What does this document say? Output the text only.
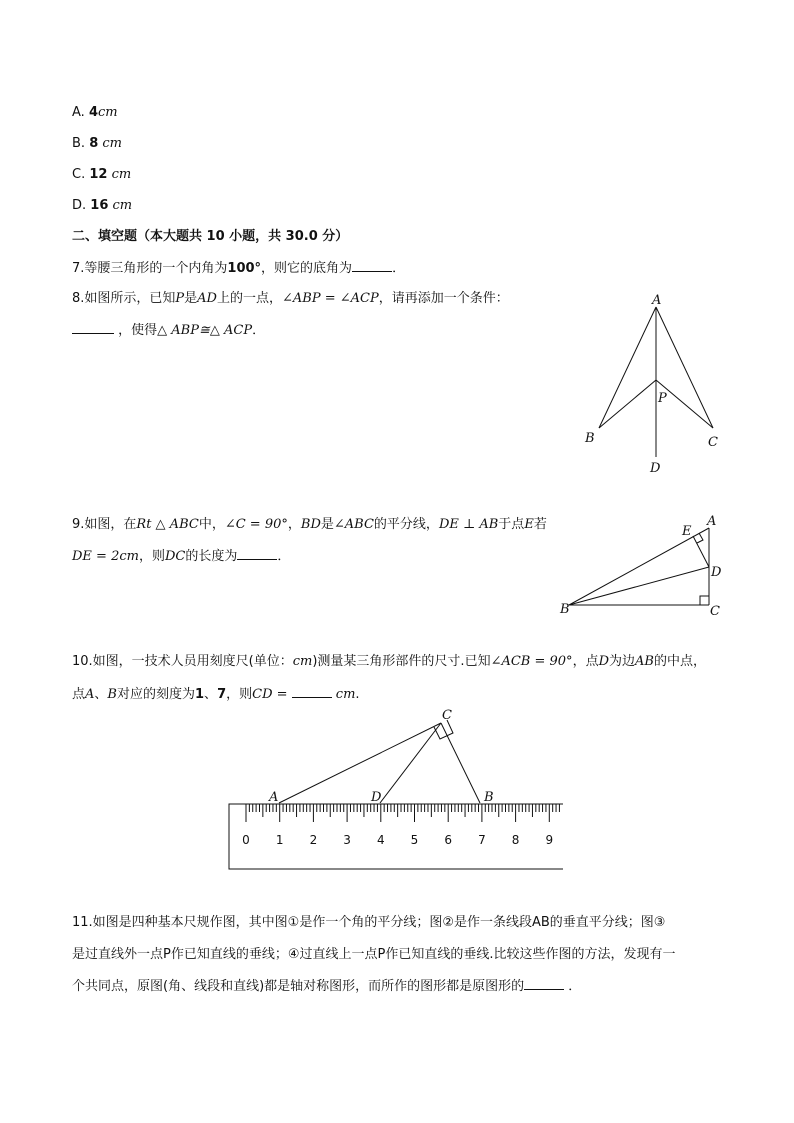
A. 4cm
B. 8 cm
C. 12 cm
D. 16 cm
二、填空题（本大题共 10 小题，共 30.0 分）
7.等腰三角形的一个内角为100°，则它的底角为	．
8.如图所示，已知P是AD上的一点，∠ABP = ∠ACP，请再添加一个条件：
，使得△ ABP≅△ ACP．
A
P
B	C
D
9.如图，在Rt △ ABC中，∠C = 90°，BD是∠ABC的平分线，DE ⊥ AB于点E若
DE = 2cm，则DC的长度为	．
E
A
D
B	C
10.如图，一技术人员用刻度尺(单位：cm)测量某三角形部件的尺寸.已知∠ACB = 90°，点D为边AB的中点，
点A、B对应的刻度为1、7，则CD =	cm.
0 1 2 3 4 5 6 7 8 9
C
A	D	B
11.如图是四种基本尺规作图，其中图①是作一个角的平分线；图②是作一条线段AB的垂直平分线；图③
是过直线外一点P作已知直线的垂线；④过直线上一点P作已知直线的垂线.比较这些作图的方法，发现有一
个共同点，原图(角、线段和直线)都是轴对称图形，而所作的图形都是原图形的	．
